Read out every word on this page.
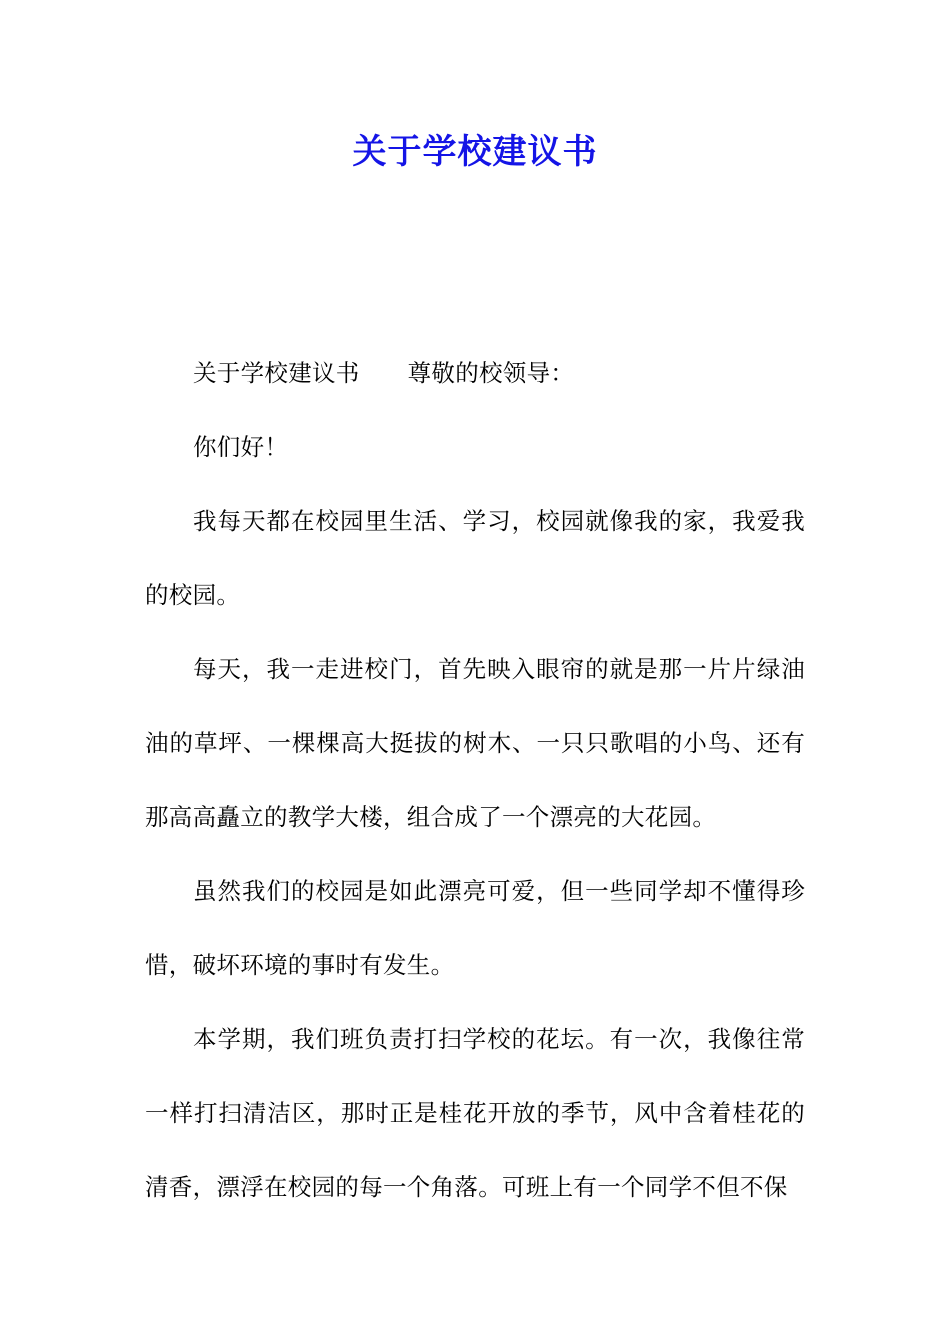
关于学校建议书

关于学校建议书 尊敬的校领导：

你们好！

我每天都在校园里生活、学习，校园就像我的家，我爱我的校园。

每天，我一走进校门，首先映入眼帘的就是那一片片绿油油的草坪、一棵棵高大挺拔的树木、一只只歌唱的小鸟、还有那高高矗立的教学大楼，组合成了一个漂亮的大花园。

虽然我们的校园是如此漂亮可爱，但一些同学却不懂得珍惜，破坏环境的事时有发生。

本学期，我们班负责打扫学校的花坛。有一次，我像往常一样打扫清洁区，那时正是桂花开放的季节，风中含着桂花的清香，漂浮在校园的每一个角落。可班上有一个同学不但不保
